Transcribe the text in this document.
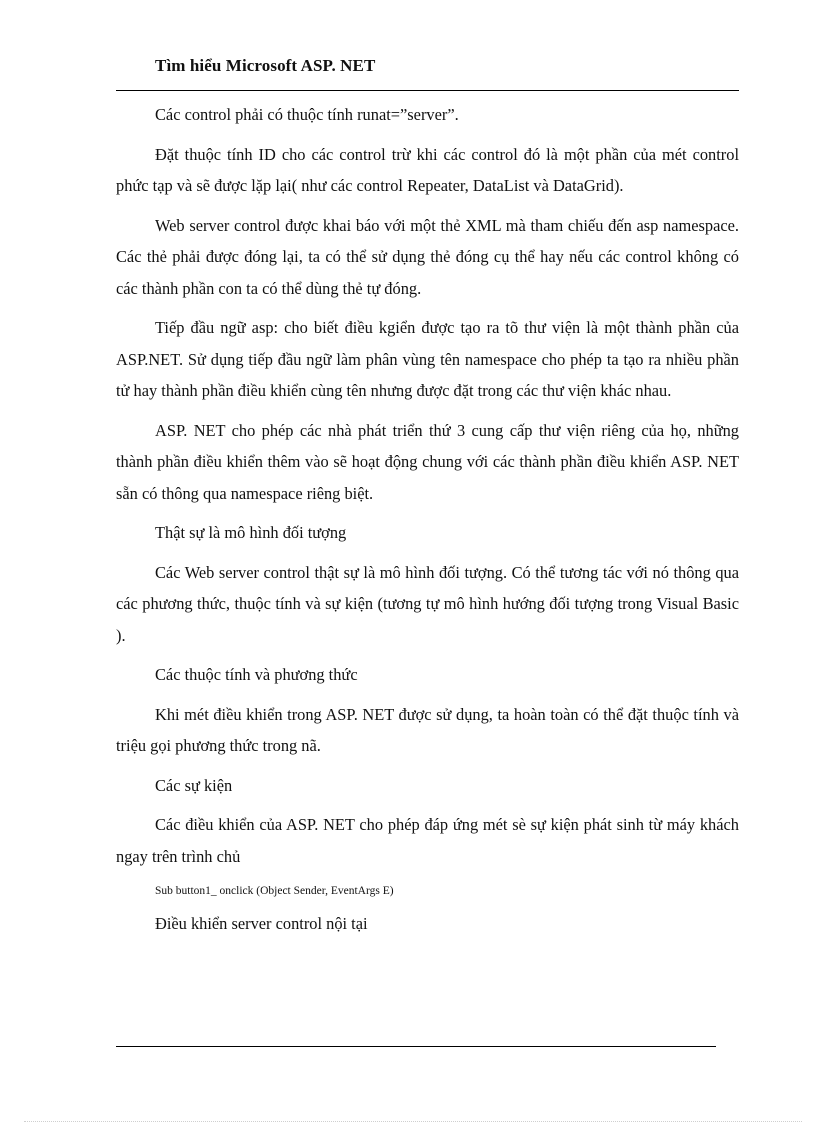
Tìm hiểu Microsoft ASP. NET

Các control phải có thuộc tính runat=”server”.

Đặt thuộc tính ID cho các control trừ khi các control đó là một phần của mét control phức tạp và sẽ được lặp lại( như các control Repeater, DataList và DataGrid).

Web server control được khai báo với một thẻ XML mà tham chiếu đến asp namespace. Các thẻ phải được đóng lại, ta có thể sử dụng thẻ đóng cụ thể hay nếu các control không có các thành phần con ta có thể dùng thẻ tự đóng.

Tiếp đầu ngữ asp: cho biết điều kgiển được tạo ra tõ thư viện là một thành phần của ASP.NET. Sử dụng tiếp đầu ngữ làm phân vùng tên namespace cho phép ta tạo ra nhiều phần tử hay thành phần điều khiển cùng tên nhưng được đặt trong các thư viện khác nhau.

ASP. NET cho phép các nhà phát triển thứ 3 cung cấp thư viện riêng của họ, những thành phần điều khiển thêm vào sẽ hoạt động chung với các thành phần điều khiển ASP. NET sẵn có thông qua namespace riêng biệt.

Thật sự là mô hình đối tượng

Các Web server control thật sự là mô hình đối tượng. Có thể tương tác với nó thông qua các phương thức, thuộc tính và sự kiện (tương tự mô hình hướng đối tượng trong Visual Basic ).

Các thuộc tính và phương thức

Khi mét điều khiển trong ASP. NET được sử dụng, ta hoàn toàn có thể đặt thuộc tính và triệu gọi phương thức trong nã.

Các sự kiện

Các điều khiển của ASP. NET cho phép đáp ứng mét sè sự kiện phát sinh từ máy khách ngay trên trình chủ

Sub button1_ onclick (Object Sender, EventArgs E)

Điều khiển server control nội tại
